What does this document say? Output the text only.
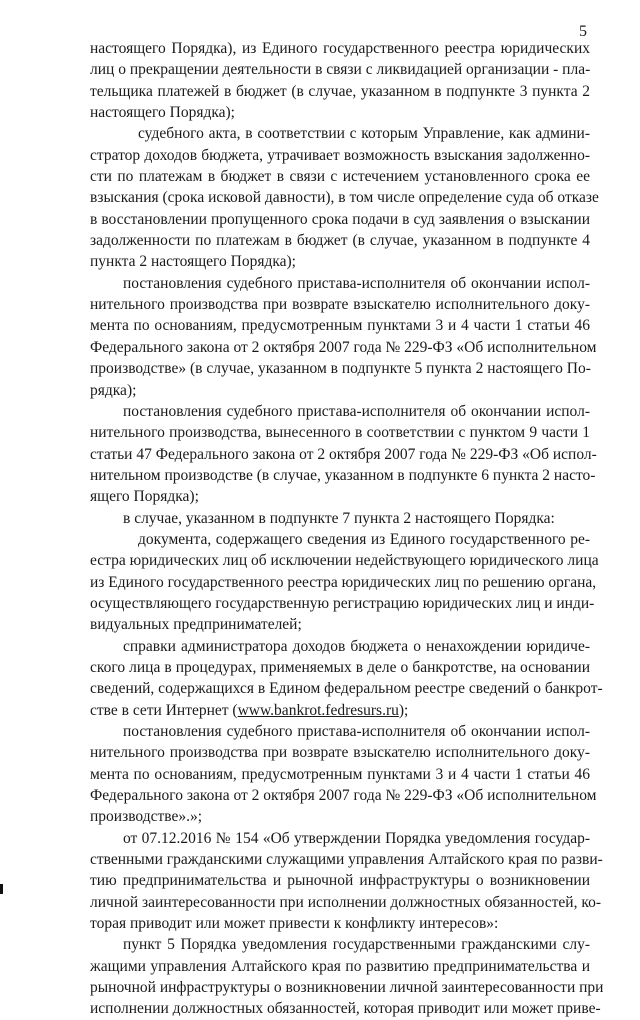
5
настоящего Порядка), из Единого государственного реестра юридических
лиц о прекращении деятельности в связи с ликвидацией организации - пла-
тельщика платежей в бюджет (в случае, указанном в подпункте 3 пункта 2
настоящего Порядка);
судебного акта, в соответствии с которым Управление, как админи-
стратор доходов бюджета, утрачивает возможность взыскания задолженно-
сти по платежам в бюджет в связи с истечением установленного срока ее
взыскания (срока исковой давности), в том числе определение суда об отказе
в восстановлении пропущенного срока подачи в суд заявления о взыскании
задолженности по платежам в бюджет (в случае, указанном в подпункте 4
пункта 2 настоящего Порядка);
постановления судебного пристава-исполнителя об окончании испол-
нительного производства при возврате взыскателю исполнительного доку-
мента по основаниям, предусмотренным пунктами 3 и 4 части 1 статьи 46
Федерального закона от 2 октября 2007 года № 229-ФЗ «Об исполнительном
производстве» (в случае, указанном в подпункте 5 пункта 2 настоящего По-
рядка);
постановления судебного пристава-исполнителя об окончании испол-
нительного производства, вынесенного в соответствии с пунктом 9 части 1
статьи 47 Федерального закона от 2 октября 2007 года № 229-ФЗ «Об испол-
нительном производстве (в случае, указанном в подпункте 6 пункта 2 насто-
ящего Порядка);
в случае, указанном в подпункте 7 пункта 2 настоящего Порядка:
документа, содержащего сведения из Единого государственного ре-
естра юридических лиц об исключении недействующего юридического лица
из Единого государственного реестра юридических лиц по решению органа,
осуществляющего государственную регистрацию юридических лиц и инди-
видуальных предпринимателей;
справки администратора доходов бюджета о ненахождении юридиче-
ского лица в процедурах, применяемых в деле о банкротстве, на основании
сведений, содержащихся в Едином федеральном реестре сведений о банкрот-
стве в сети Интернет (www.bankrot.fedresurs.ru);
постановления судебного пристава-исполнителя об окончании испол-
нительного производства при возврате взыскателю исполнительного доку-
мента по основаниям, предусмотренным пунктами 3 и 4 части 1 статьи 46
Федерального закона от 2 октября 2007 года № 229-ФЗ «Об исполнительном
производстве».»;
от 07.12.2016 № 154 «Об утверждении Порядка уведомления государ-
ственными гражданскими служащими управления Алтайского края по разви-
тию предпринимательства и рыночной инфраструктуры о возникновении
личной заинтересованности при исполнении должностных обязанностей, ко-
торая приводит или может привести к конфликту интересов»:
пункт 5 Порядка уведомления государственными гражданскими слу-
жащими управления Алтайского края по развитию предпринимательства и
рыночной инфраструктуры о возникновении личной заинтересованности при
исполнении должностных обязанностей, которая приводит или может приве-
